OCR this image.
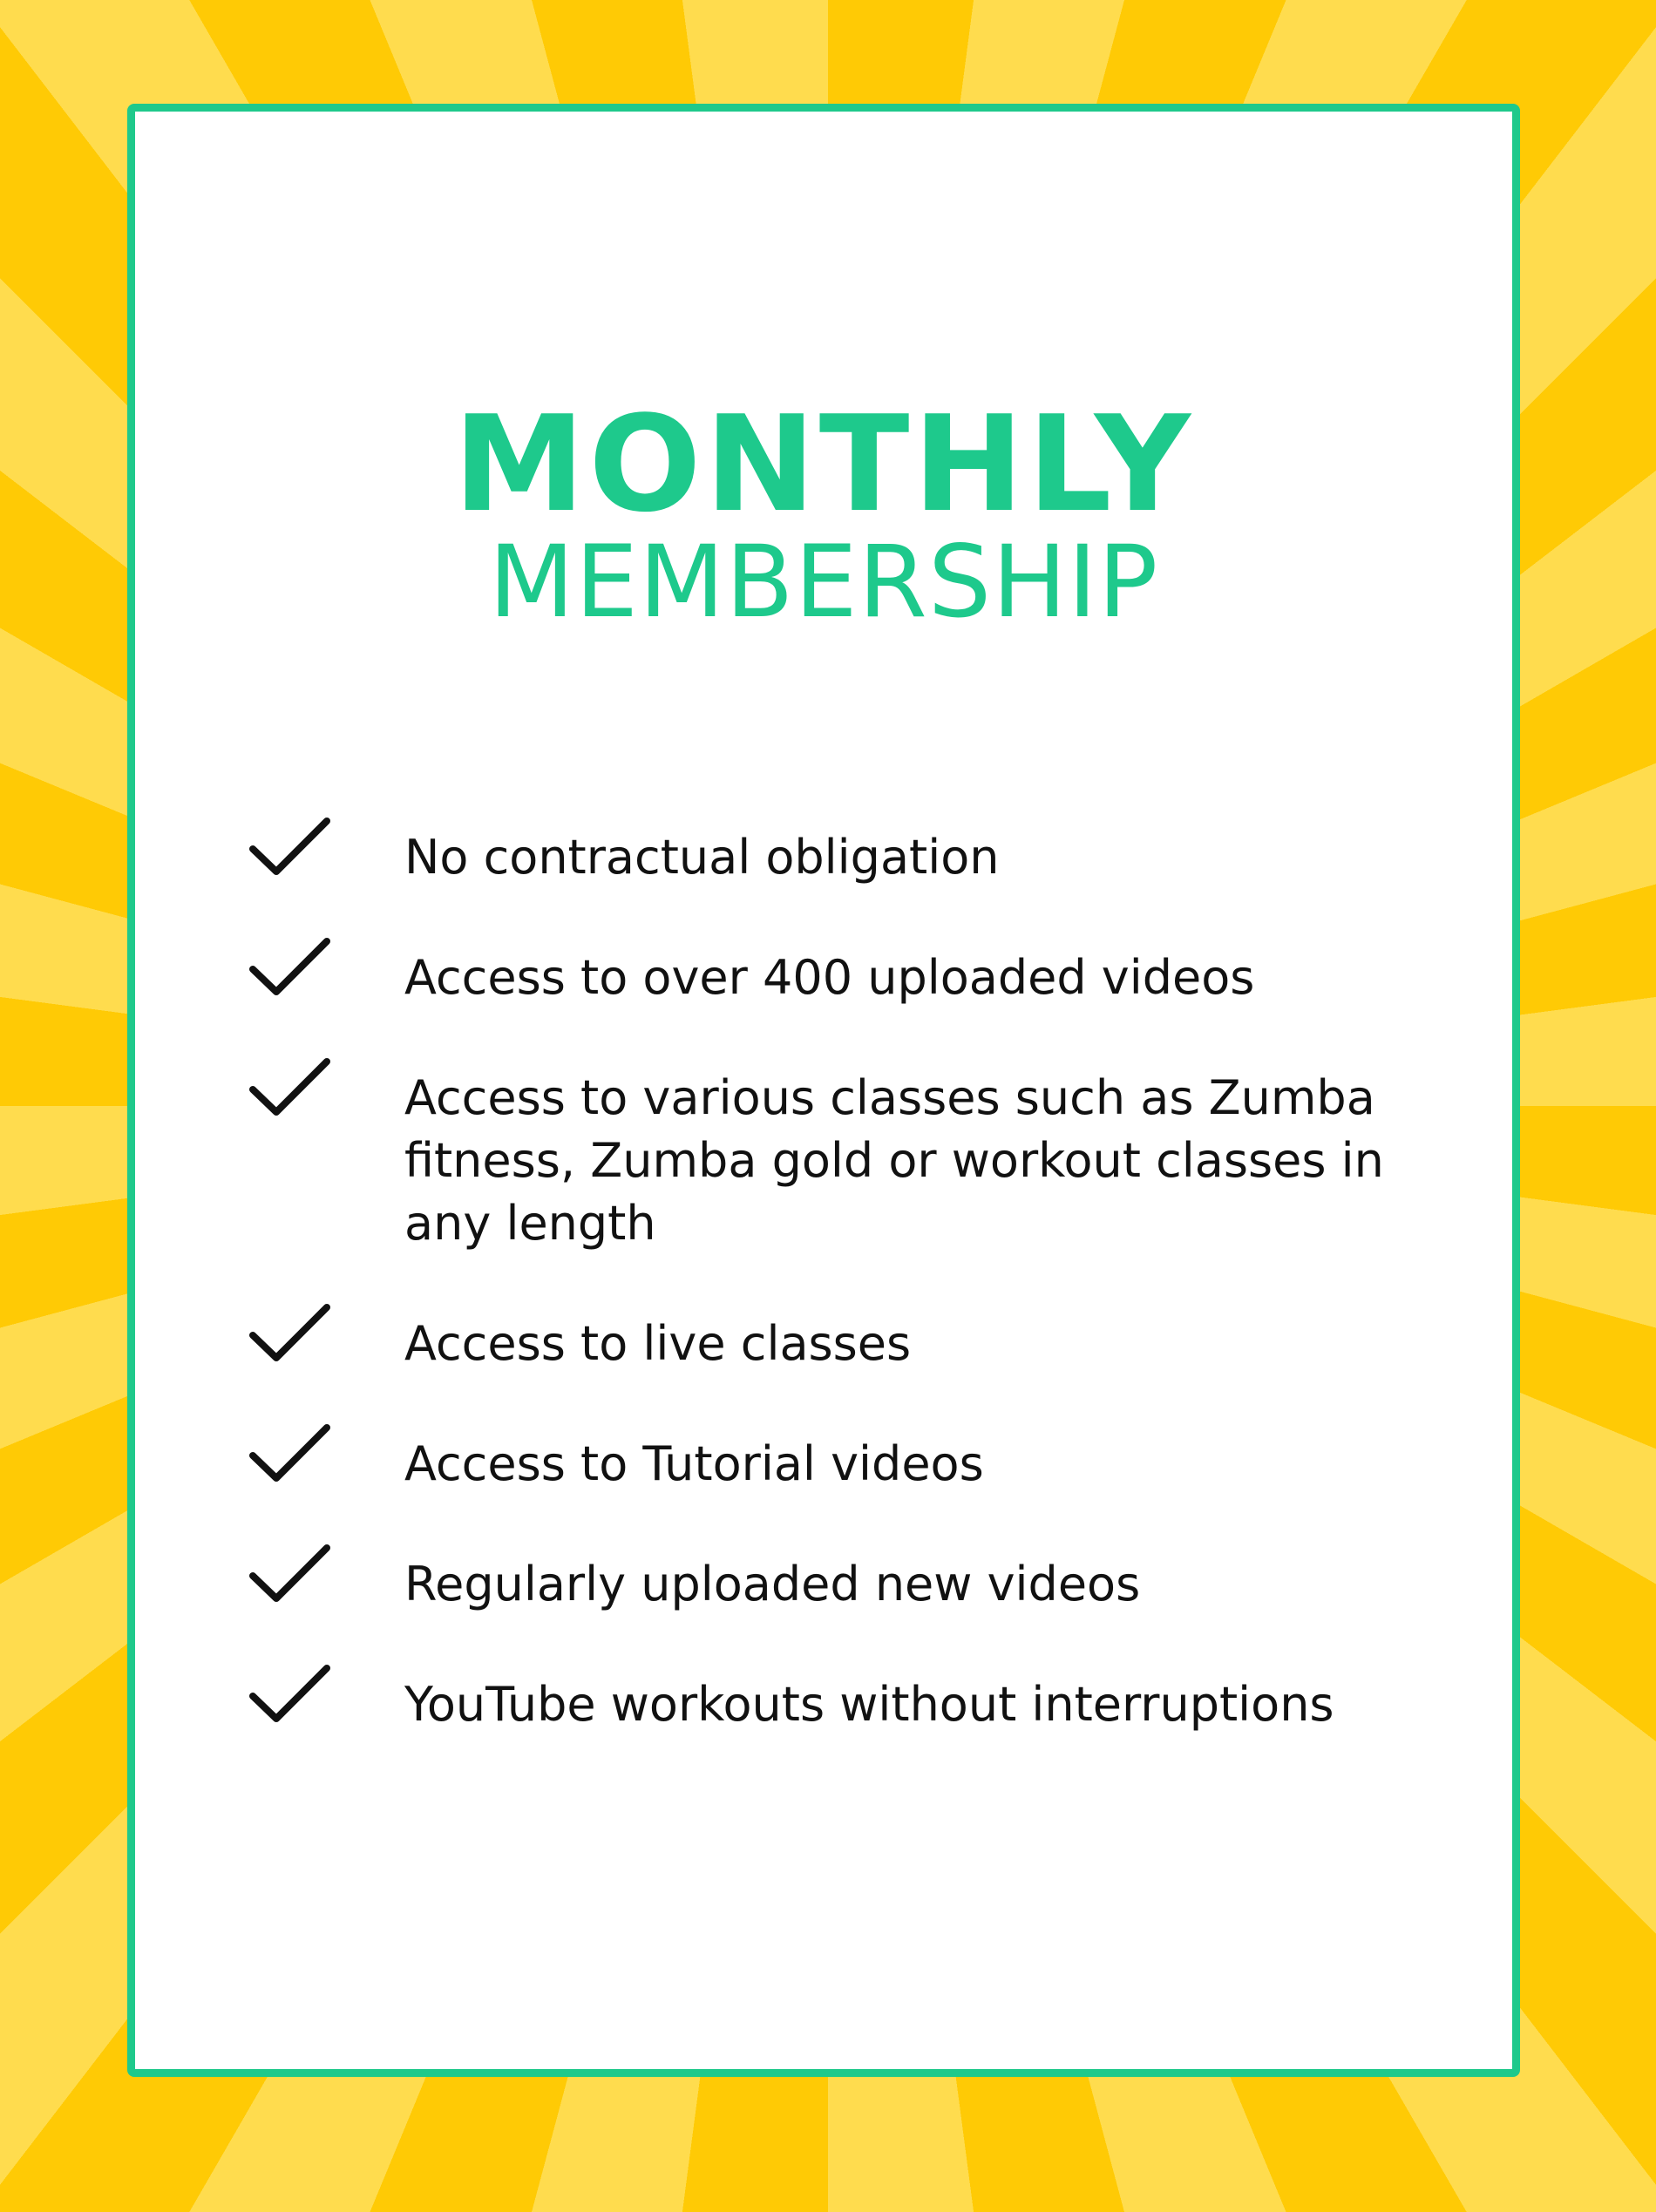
MONTHLY
MEMBERSHIP
No contractual obligation
Access to over 400 uploaded videos
Access to various classes such as Zumba fitness, Zumba gold or workout classes in any length
Access to live classes
Access to Tutorial videos
Regularly uploaded new videos
YouTube workouts without interruptions
